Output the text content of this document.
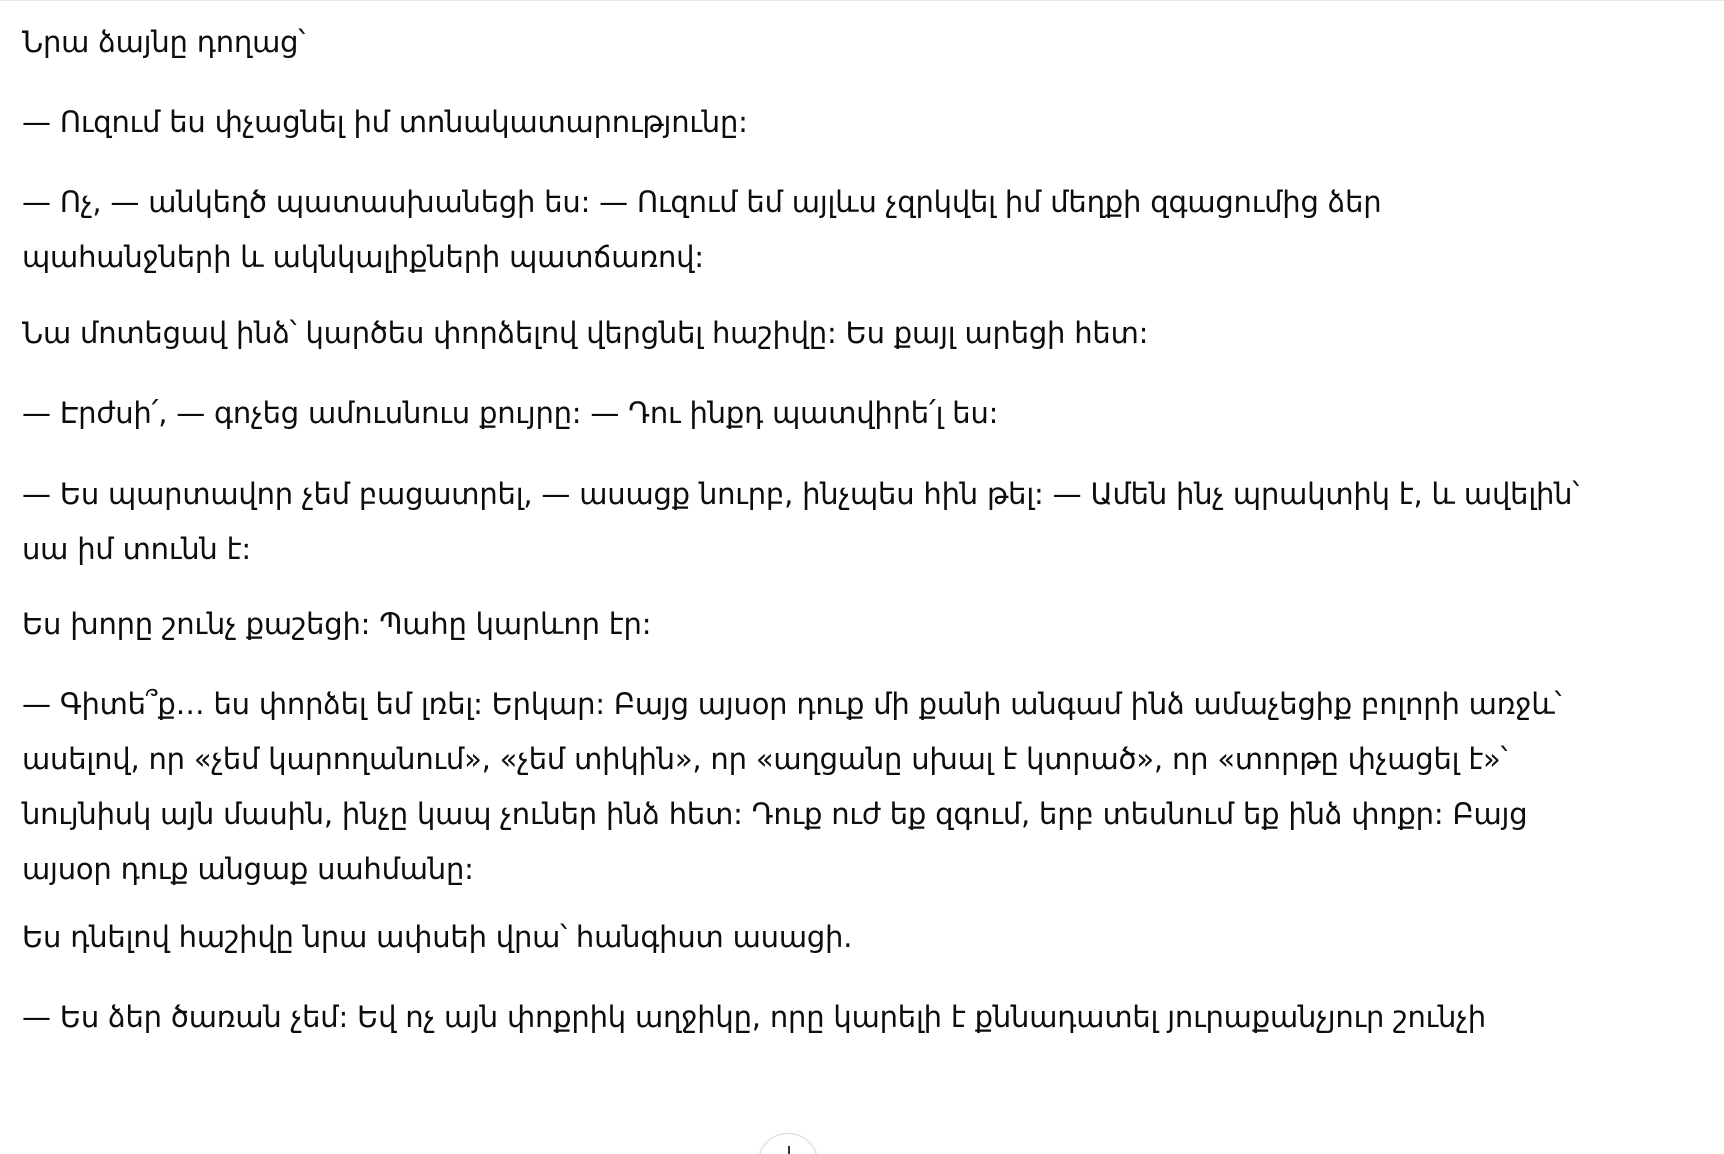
Նրա ձայնը դողաց՝

— Ուզում ես փչացնել իմ տոնակատարությունը:

— Ոչ, — անկեղծ պատասխանեցի ես: — Ուզում եմ այլևս չզրկվել իմ մեղքի զգացումից ձեր
պահանջների և ակնկալիքների պատճառով:

Նա մոտեցավ ինձ՝ կարծես փորձելով վերցնել հաշիվը: Ես քայլ արեցի հետ:

— Էրժսի՛, — գոչեց ամուսնուս քույրը: — Դու ինքդ պատվիրե՛լ ես:

— Ես պարտավոր չեմ բացատրել, — ասացք նուրբ, ինչպես հին թել: — Ամեն ինչ պրակտիկ է, և ավելին՝
սա իմ տունն է:

Ես խորը շունչ քաշեցի: Պահը կարևոր էր:

— Գիտե՞ք… ես փորձել եմ լռել: Երկար: Բայց այսօր դուք մի քանի անգամ ինձ ամաչեցիք բոլորի առջև՝
ասելով, որ «չեմ կարողանում», «չեմ տիկին», որ «աղցանը սխալ է կտրած», որ «տորթը փչացել է»՝
նույնիսկ այն մասին, ինչը կապ չուներ ինձ հետ: Դուք ուժ եք զգում, երբ տեսնում եք ինձ փոքր: Բայց
այսօր դուք անցաք սահմանը:

Ես դնելով հաշիվը նրա ափսեի վրա՝ հանգիստ ասացի.

— Ես ձեր ծառան չեմ: Եվ ոչ այն փոքրիկ աղջիկը, որը կարելի է քննադատել յուրաքանչյուր շունչի
